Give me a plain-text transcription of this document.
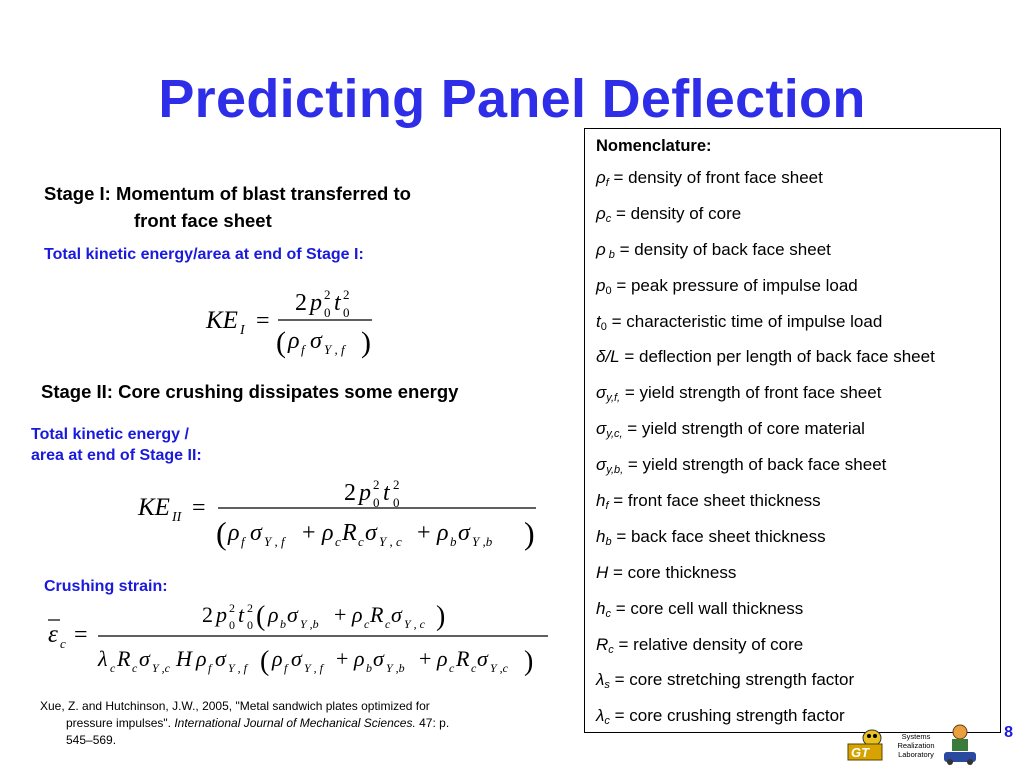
Predicting Panel Deflection
Stage I: Momentum of blast transferred to
front face sheet
Total kinetic energy/area at end of Stage I:
KE I =
2 p 0
2 t 0
2
( ρ f σ Y , f )
Stage II: Core crushing dissipates some energy
Total kinetic energy /
area at end of Stage II:
KE II =
2 p 0
2 t 0
2
( ρ f σ Y , f + ρ c R c σ Y , c + ρ b σ Y ,b )
Crushing strain:
ε c =
2 p 0
2 t 0
2 ( ρ b σ Y ,b + ρ c R c σ Y , c )
λ c R c σ Y ,c H ρ f σ Y , f ( ρ f σ Y , f + ρ b σ Y ,b + ρ c R c σ Y ,c )
Xue, Z. and Hutchinson, J.W., 2005, "Metal sandwich plates optimized for
pressure impulses". International Journal of Mechanical Sciences. 47: p.
545–569.
Nomenclature:
$\rho_f$ = density of front face sheet
$\rho_c$ = density of core
ρ $_b$ = density of back face sheet
$p_0$ = peak pressure of impulse load
$t_0$ = characteristic time of impulse load
δ/L = deflection per length of back face sheet
$\sigma_{y,f,}$ = yield strength of front face sheet
$\sigma_{y,c,}$ = yield strength of core material
$\sigma_{y,b,}$ = yield strength of back face sheet
$h_f$ = front face sheet thickness
$h_b$ = back face sheet thickness
H = core thickness
$h_c$ = core cell wall thickness
$R_c$ = relative density of core
$\lambda_s$ = core stretching strength factor
$\lambda_c$ = core crushing strength factor
GT
Systems
Realization
Laboratory
8
